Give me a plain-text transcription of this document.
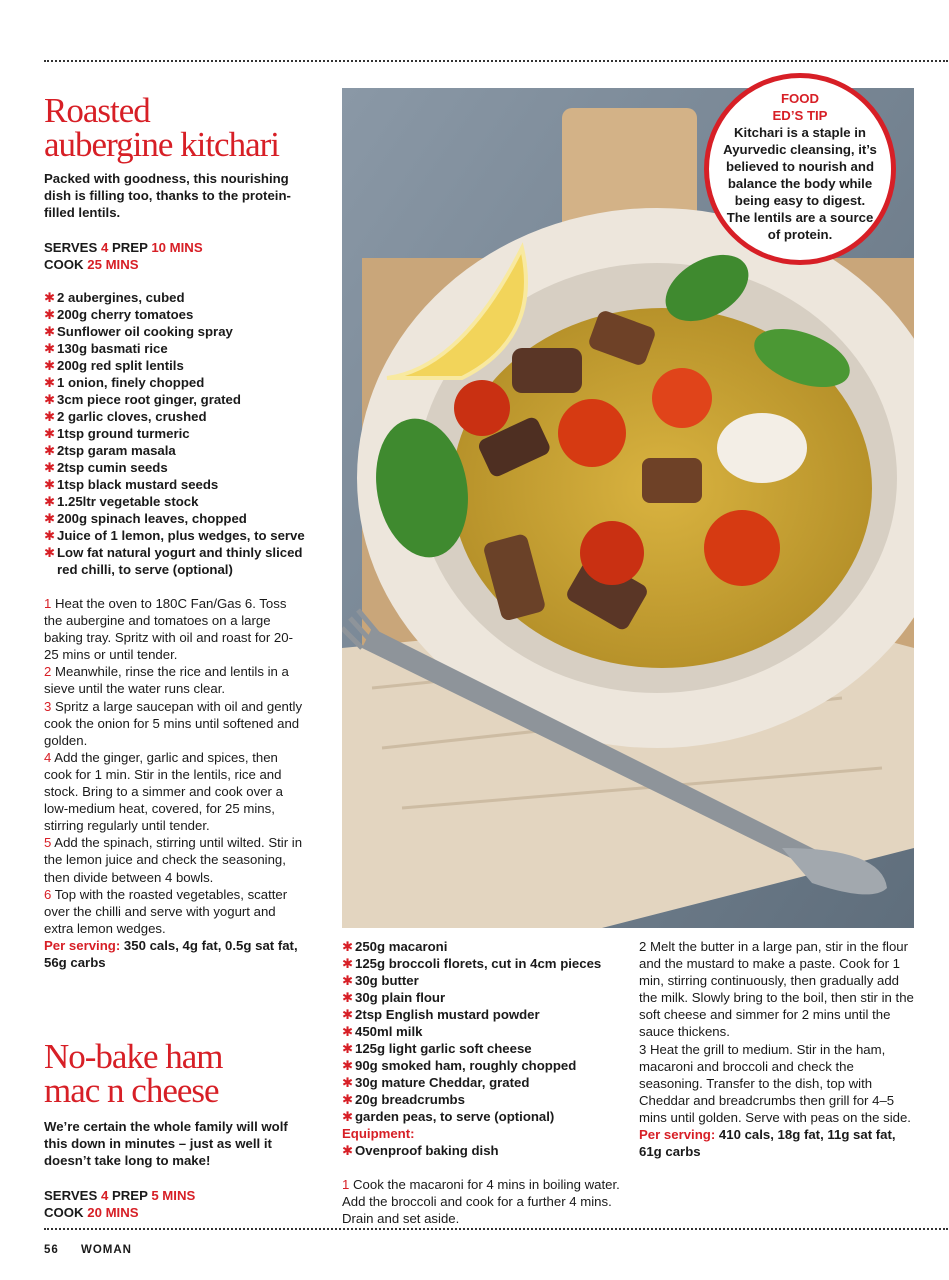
Roasted
aubergine kitchari

Packed with goodness, this nourishing dish is filling too, thanks to the protein-filled lentils.

SERVES 4 PREP 10 MINS
COOK 25 MINS
✱ 2 aubergines, cubed
✱ 200g cherry tomatoes
✱ Sunflower oil cooking spray
✱ 130g basmati rice
✱ 200g red split lentils
✱ 1 onion, finely chopped
✱ 3cm piece root ginger, grated
✱ 2 garlic cloves, crushed
✱ 1tsp ground turmeric
✱ 2tsp garam masala
✱ 2tsp cumin seeds
✱ 1tsp black mustard seeds
✱ 1.25ltr vegetable stock
✱ 200g spinach leaves, chopped
✱ Juice of 1 lemon, plus wedges, to serve
✱ Low fat natural yogurt and thinly sliced red chilli, to serve (optional)

1 Heat the oven to 180C Fan/Gas 6. Toss the aubergine and tomatoes on a large baking tray. Spritz with oil and roast for 20-25 mins or until tender.

2 Meanwhile, rinse the rice and lentils in a sieve until the water runs clear.

3 Spritz a large saucepan with oil and gently cook the onion for 5 mins until softened and golden.

4 Add the ginger, garlic and spices, then cook for 1 min. Stir in the lentils, rice and stock. Bring to a simmer and cook over a low-medium heat, covered, for 25 mins, stirring regularly until tender.

5 Add the spinach, stirring until wilted. Stir in the lemon juice and check the seasoning, then divide between 4 bowls.

6 Top with the roasted vegetables, scatter over the chilli and serve with yogurt and extra lemon wedges.

Per serving: 350 cals, 4g fat, 0.5g sat fat, 56g carbs
No-bake ham
mac n cheese

We’re certain the whole family will wolf this down in minutes – just as well it doesn’t take long to make!

SERVES 4 PREP 5 MINS
COOK 20 MINS
FOOD
ED’S TIP
Kitchari is a staple in Ayurvedic cleansing, it’s believed to nourish and balance the body while being easy to digest. The lentils are a source of protein.
✱ 250g macaroni
✱ 125g broccoli florets, cut in 4cm pieces
✱ 30g butter
✱ 30g plain flour
✱ 2tsp English mustard powder
✱ 450ml milk
✱ 125g light garlic soft cheese
✱ 90g smoked ham, roughly chopped
✱ 30g mature Cheddar, grated
✱ 20g breadcrumbs
✱ garden peas, to serve (optional)
Equipment:
✱ Ovenproof baking dish

1 Cook the macaroni for 4 mins in boiling water. Add the broccoli and cook for a further 4 mins. Drain and set aside.

2 Melt the butter in a large pan, stir in the flour and the mustard to make a paste. Cook for 1 min, stirring continuously, then gradually add the milk. Slowly bring to the boil, then stir in the soft cheese and simmer for 2 mins until the sauce thickens.

3 Heat the grill to medium. Stir in the ham, macaroni and broccoli and check the seasoning. Transfer to the dish, top with Cheddar and breadcrumbs then grill for 4–5 mins until golden. Serve with peas on the side.

Per serving: 410 cals, 18g fat, 11g sat fat, 61g carbs
56 WOMAN
